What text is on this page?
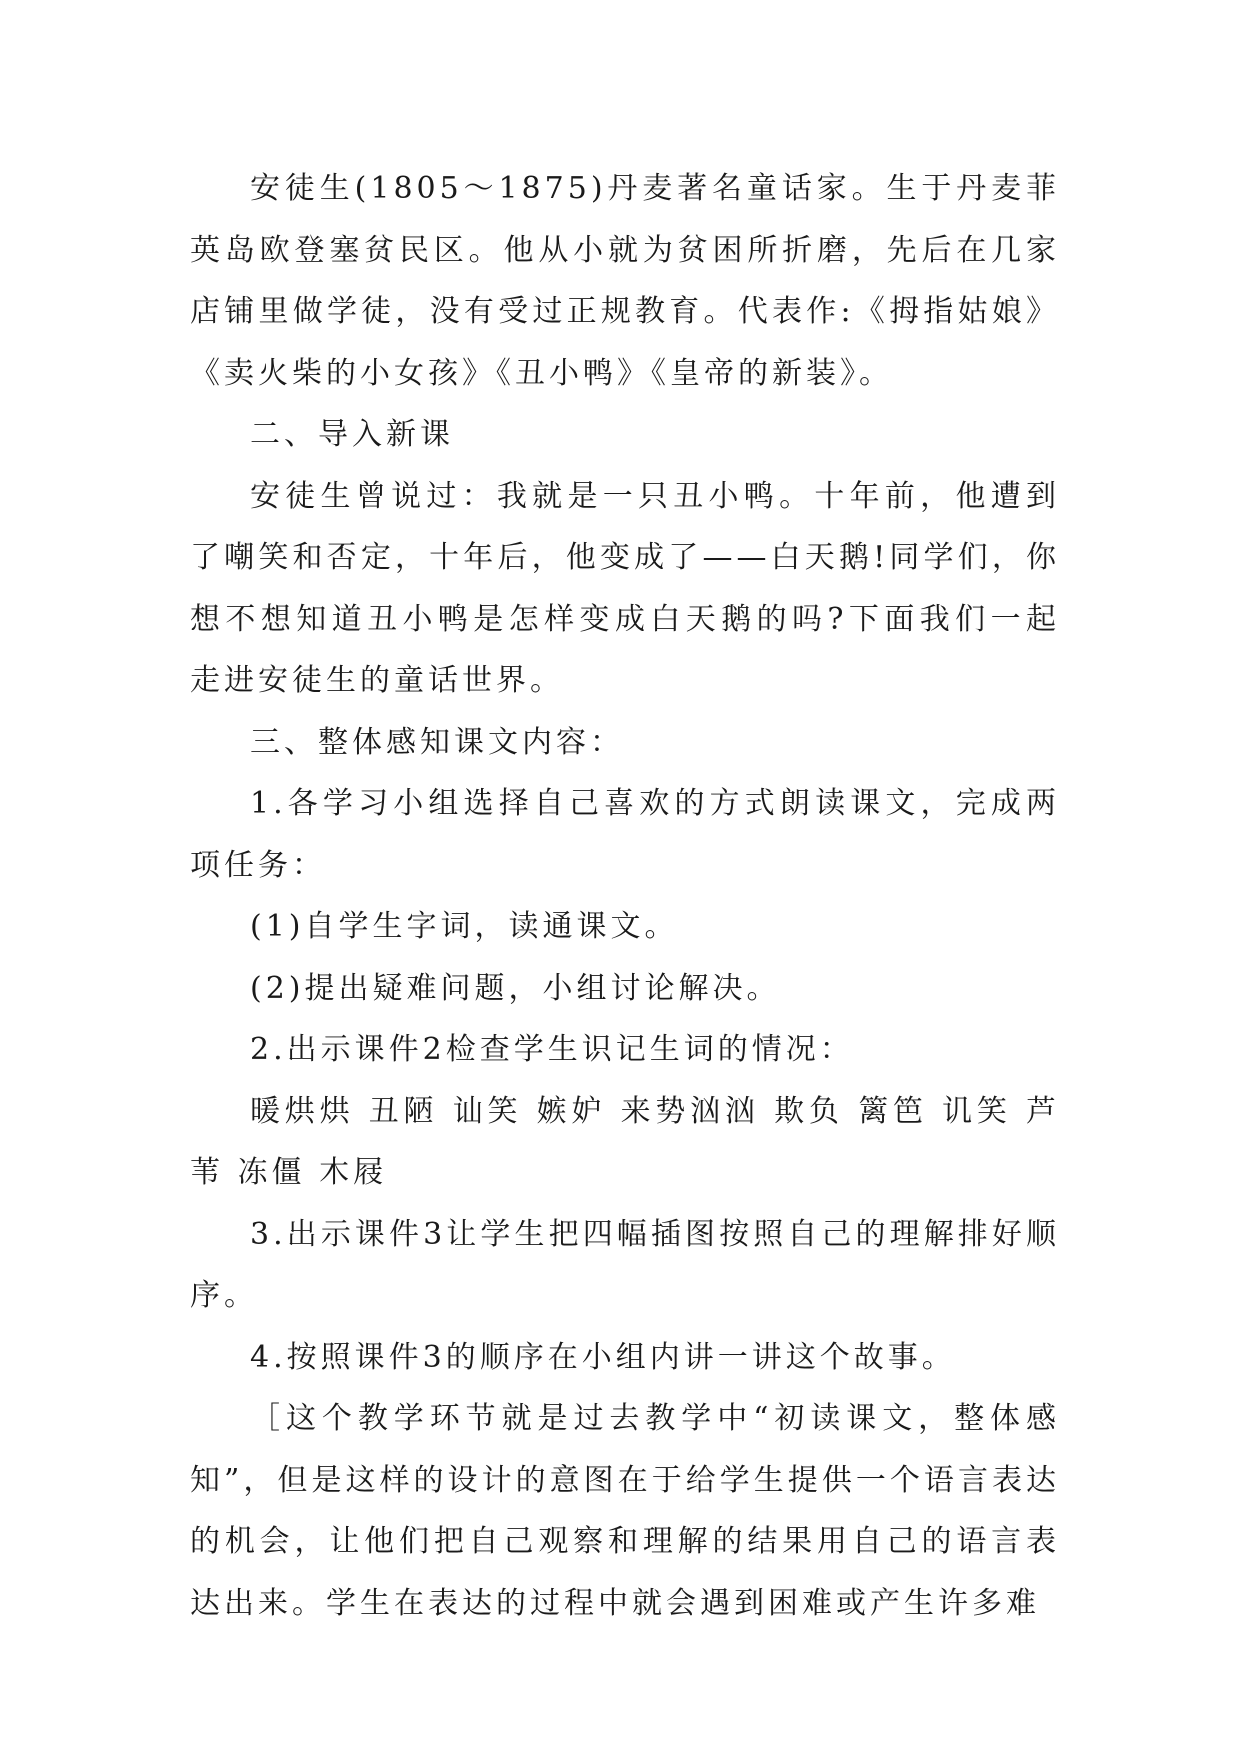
安徒生(1805～1875)丹麦著名童话家。生于丹麦菲英岛欧登塞贫民区。他从小就为贫困所折磨，先后在几家店铺里做学徒，没有受过正规教育。代表作:《拇指姑娘》《卖火柴的小女孩》《丑小鸭》《皇帝的新装》。

二、导入新课

安徒生曾说过：我就是一只丑小鸭。十年前，他遭到了嘲笑和否定，十年后，他变成了——白天鹅!同学们，你想不想知道丑小鸭是怎样变成白天鹅的吗?下面我们一起走进安徒生的童话世界。

三、整体感知课文内容：

1.各学习小组选择自己喜欢的方式朗读课文，完成两项任务：

(1)自学生字词，读通课文。

(2)提出疑难问题，小组讨论解决。

2.出示课件2检查学生识记生词的情况：

暖烘烘 丑陋 讪笑 嫉妒 来势汹汹 欺负 篱笆 讥笑 芦苇 冻僵 木屐

3.出示课件3让学生把四幅插图按照自己的理解排好顺序。

4.按照课件3的顺序在小组内讲一讲这个故事。

［这个教学环节就是过去教学中“初读课文，整体感知”，但是这样的设计的意图在于给学生提供一个语言表达的机会，让他们把自己观察和理解的结果用自己的语言表达出来。学生在表达的过程中就会遇到困难或产生许多难
